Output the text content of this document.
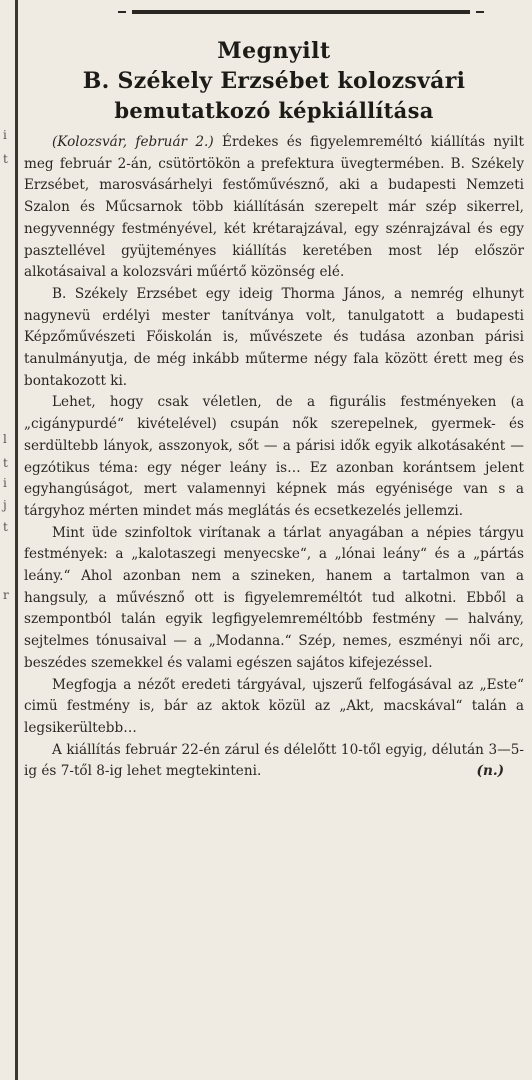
i
t
l
t
i
j
t
r
Megnyilt
B. Székely Erzsébet kolozsvári
bemutatkozó képkiállítása

(Kolozsvár, február 2.) Érdekes és figyelemreméltó kiállítás nyilt meg február 2-án, csütörtökön a prefektura üvegtermében. B. Székely Erzsébet, marosvásárhelyi festőművésznő, aki a budapesti Nemzeti Szalon és Műcsarnok több kiállításán szerepelt már szép sikerrel, negyvennégy festményével, két krétarajzával, egy szénrajzával és egy pasztellével gyüjteményes kiállítás keretében most lép először alkotásaival a kolozsvári műértő közönség elé.

B. Székely Erzsébet egy ideig Thorma János, a nemrég elhunyt nagynevü erdélyi mester tanítványa volt, tanulgatott a budapesti Képzőművészeti Főiskolán is, művészete és tudása azonban párisi tanulmányutja, de még inkább műterme négy fala között érett meg és bontakozott ki.

Lehet, hogy csak véletlen, de a figurális festményeken (a „cigánypurdé“ kivételével) csupán nők szerepelnek, gyermek- és serdültebb lányok, asszonyok, sőt — a párisi idők egyik alkotásaként — egzótikus téma: egy néger leány is… Ez azonban korántsem jelent egyhangúságot, mert valamennyi képnek más egyénisége van s a tárgyhoz mérten mindet más meglátás és ecsetkezelés jellemzi.

Mint üde szinfoltok virítanak a tárlat anyagában a népies tárgyu festmények: a „kalotaszegi menyecske“, a „lónai leány“ és a „pártás leány.“ Ahol azonban nem a szineken, hanem a tartalmon van a hangsuly, a művésznő ott is figyelemreméltót tud alkotni. Ebből a szempontból talán egyik legfigyelemreméltóbb festmény — halvány, sejtelmes tónusaival — a „Modanna.“ Szép, nemes, eszményi női arc, beszédes szemekkel és valami egészen sajátos kifejezéssel.

Megfogja a nézőt eredeti tárgyával, ujszerű felfogásával az „Este“ cimü festmény is, bár az aktok közül az „Akt, macskával“ talán a legsikerültebb…

A kiállítás február 22-én zárul és délelőtt 10-től egyig, délután 3—5-ig és 7-től 8-ig lehet megtekinteni.	(n.)
